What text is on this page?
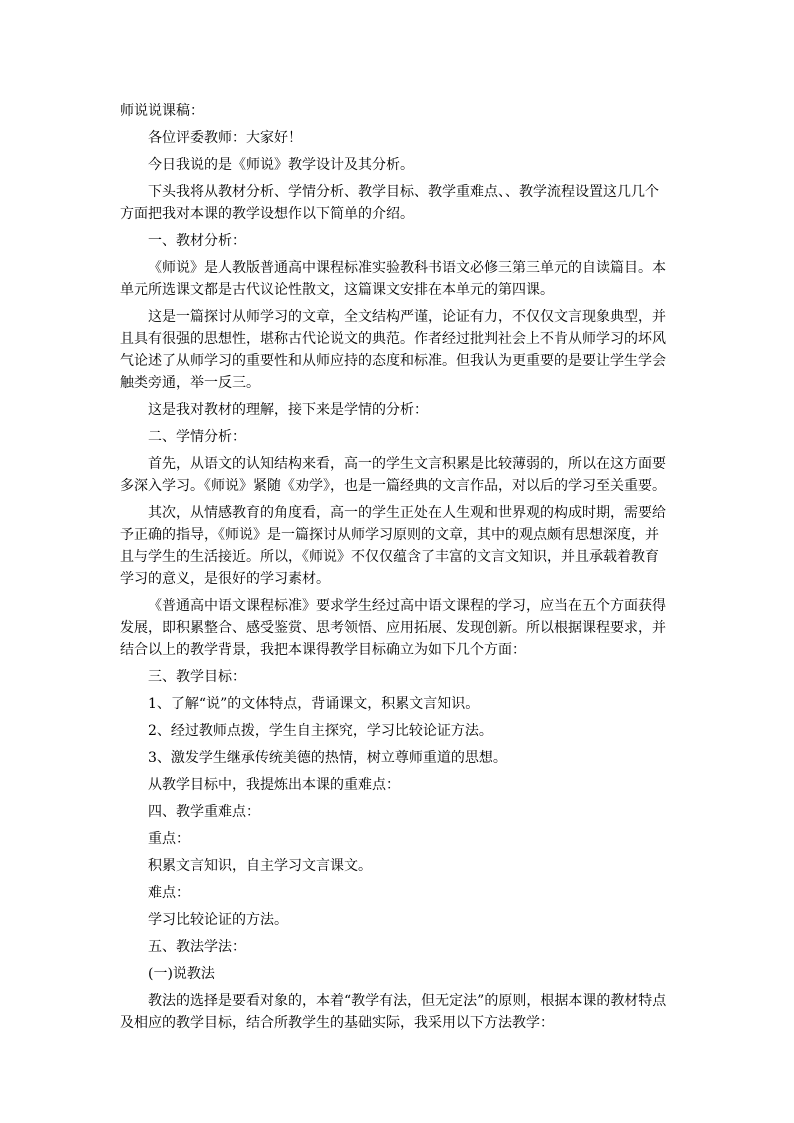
师说说课稿：

各位评委教师：大家好！

今日我说的是《师说》教学设计及其分析。

下头我将从教材分析、学情分析、教学目标、教学重难点、、教学流程设置这几几个方面把我对本课的教学设想作以下简单的介绍。

一、教材分析：

《师说》是人教版普通高中课程标准实验教科书语文必修三第三单元的自读篇目。本单元所选课文都是古代议论性散文，这篇课文安排在本单元的第四课。

这是一篇探讨从师学习的文章，全文结构严谨，论证有力，不仅仅文言现象典型，并且具有很强的思想性，堪称古代论说文的典范。作者经过批判社会上不肯从师学习的坏风气论述了从师学习的重要性和从师应持的态度和标准。但我认为更重要的是要让学生学会触类旁通，举一反三。

这是我对教材的理解，接下来是学情的分析：

二、学情分析：

首先，从语文的认知结构来看，高一的学生文言积累是比较薄弱的，所以在这方面要多深入学习。《师说》紧随《劝学》，也是一篇经典的文言作品，对以后的学习至关重要。

其次，从情感教育的角度看，高一的学生正处在人生观和世界观的构成时期，需要给予正确的指导，《师说》是一篇探讨从师学习原则的文章，其中的观点颇有思想深度，并且与学生的生活接近。所以，《师说》不仅仅蕴含了丰富的文言文知识，并且承载着教育学习的意义，是很好的学习素材。

《普通高中语文课程标准》要求学生经过高中语文课程的学习，应当在五个方面获得发展，即积累整合、感受鉴赏、思考领悟、应用拓展、发现创新。所以根据课程要求，并结合以上的教学背景，我把本课得教学目标确立为如下几个方面：

三、教学目标：

1、了解“说”的文体特点，背诵课文，积累文言知识。

2、经过教师点拨，学生自主探究，学习比较论证方法。

3、激发学生继承传统美德的热情，树立尊师重道的思想。

从教学目标中，我提炼出本课的重难点：

四、教学重难点：

重点：

积累文言知识，自主学习文言课文。

难点：

学习比较论证的方法。

五、教法学法：

(一)说教法

教法的选择是要看对象的，本着“教学有法，但无定法”的原则，根据本课的教材特点及相应的教学目标，结合所教学生的基础实际，我采用以下方法教学：
